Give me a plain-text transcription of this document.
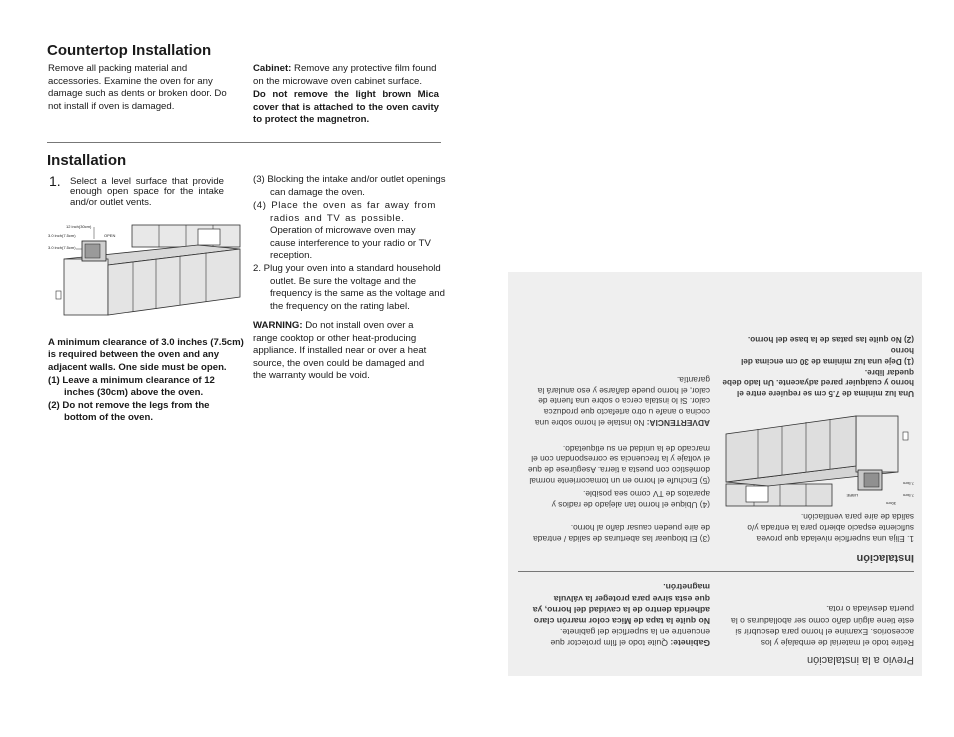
Countertop Installation
Remove all packing material and accessories. Examine the oven for any damage such as dents or broken door. Do not install if oven is damaged.
Cabinet: Remove any protective film found on the microwave oven cabinet surface.
Do not remove the light brown Mica cover that is attached to the oven cavity to protect the magnetron.
Installation
1. Select a level surface that provide enough open space for the intake and/or outlet vents.
12 inch(30cm)
3.0 inch(7.5cm)	OPEN
3.0 inch(7.5cm)
A minimum clearance of 3.0 inches (7.5cm) is required between the oven and any adjacent walls. One side must be open.
(1) Leave a minimum clearance of 12 inches (30cm) above the oven.
(2) Do not remove the legs from the bottom of the oven.
(3) Blocking the intake and/or outlet openings can damage the oven.
(4) Place the oven as far away from radios and TV as possible.
Operation of microwave oven may cause interference to your radio or TV reception.
2. Plug your oven into a standard household outlet. Be sure the voltage and the frequency is the same as the voltage and the frequency on the rating label.
WARNING: Do not install oven over a range cooktop or other heat-producing appliance. If installed near or over a heat source, the oven could be damaged and the warranty would be void.
Previo a la instalación
Retire todo el material de embalaje y los accesorios. Examine el horno para descubrir si este tiene algún daño como ser abolladuras o la puerta desviada o rota.
Gabinete: Quite todo el film protector que encuentre en la superficie del gabinete.
No quite la tapa de Mica color marrón claro adherida dentro de la cavidad del horno, ya que esta sirve para proteger la válvula magnetrón.
Instalación
1. Elija una superficie nivelada que provea suficiente espacio abierto para la entrada y/o salida de aire para ventilación.
30cm
LIBRE	7.5cm
7.5cm
Una luz mínima de 7.5 cm se requiere entre el horno y cualquier pared adyacente. Un lado debe quedar libre.
(1) Deje una luz mínima de 30 cm encima del horno
(2) No quite las patas de la base del horno.
(3) El bloquear las aberturas de salida / entrada de aire pueden causar daño al horno.
(4) Ubique el horno tan alejado de radios y aparatos de TV como sea posible.
(5) Enchufe el horno en un tomacorriente normal doméstico con puesta a tierra. Asegúrese de que el voltaje y la frecuencia se correspondan con el marcado de la unidad en su etiquetado.
ADVERTENCIA: No instale el horno sobre una cocina o anafe u otro artefacto que produzca calor. Si lo instala cerca o sobre una fuente de calor, el horno puede dañarse y eso anulará la garantía.
